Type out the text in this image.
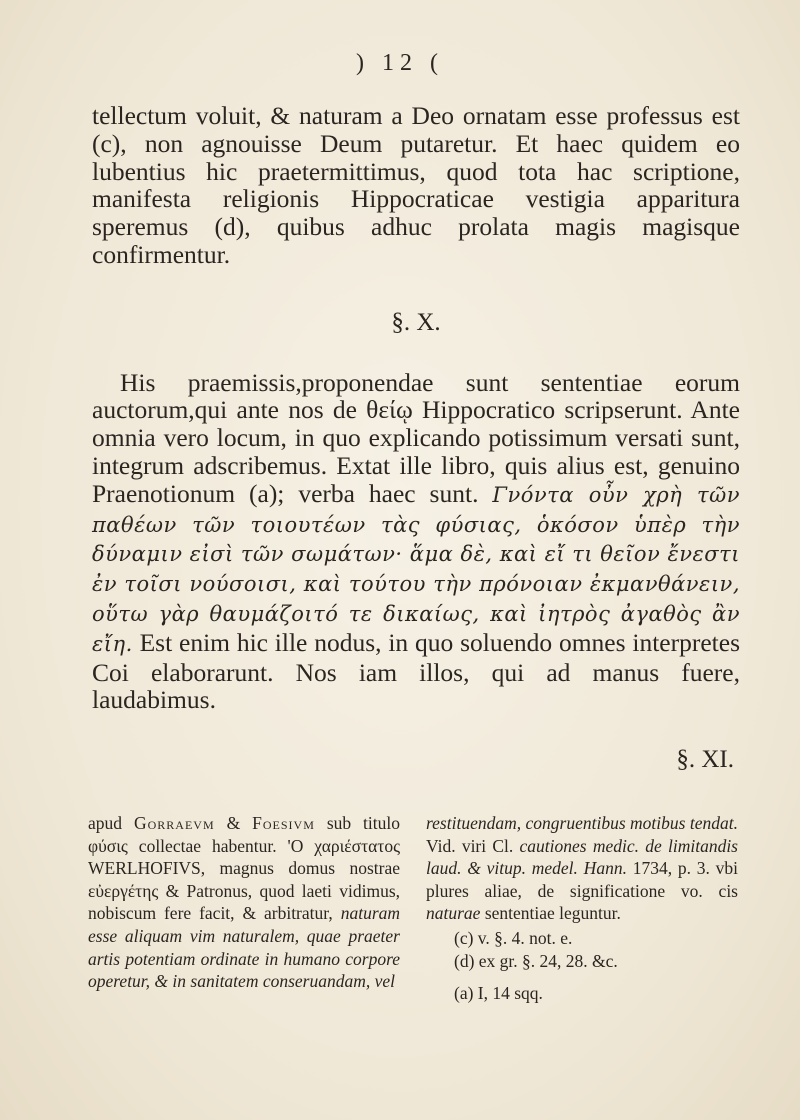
) 12 (

tellectum voluit, & naturam a Deo ornatam esse professus est (c), non agnouisse Deum putaretur. Et haec quidem eo lubentius hic praetermittimus, quod tota hac scriptione, manifesta religionis Hippocraticae vestigia apparitura speremus (d), quibus adhuc prolata magis magisque confirmentur.

§. X.

His praemissis,proponendae sunt sententiae eorum auctorum,qui ante nos de θείῳ Hippocratico scripserunt. Ante omnia vero locum, in quo explicando potissimum versati sunt, integrum adscribemus. Extat ille libro, quis alius est, genuino Praenotionum (a); verba haec sunt. Γνόντα οὖν χρὴ τῶν παθέων τῶν τοιουτέων τὰς φύσιας, ὁκόσον ὑπὲρ τὴν δύναμιν εἰσὶ τῶν σωμάτων· ἅμα δὲ, καὶ εἴ τι θεῖον ἔνεστι ἐν τοῖσι νούσοισι, καὶ τούτου τὴν πρόνοιαν ἐκμανθάνειν, οὕτω γὰρ θαυμάζοιτό τε δικαίως, καὶ ἰητρὸς ἀγαθὸς ἂν εἴη. Est enim hic ille nodus, in quo soluendo omnes interpretes Coi elaborarunt. Nos iam illos, qui ad manus fuere, laudabimus.

§. XI.

apud Gorraevm & Foesivm sub titulo φύσις collectae habentur. 'Ο χαριέστατος WERLHOFIVS, magnus domus nostrae εὐεργέτης & Patronus, quod laeti vidimus, nobiscum fere facit, & arbitratur, naturam esse aliquam vim naturalem, quae praeter artis potentiam ordinate in humano corpore operetur, & in sanitatem conseruandam, vel

restituendam, congruentibus motibus tendat. Vid. viri Cl. cautiones medic. de limitandis laud. & vitup. medel. Hann. 1734, p. 3. vbi plures aliae, de significatione vo. cis naturae sententiae leguntur.

(c) v. §. 4. not. e.
(d) ex gr. §. 24, 28. &c.
(a) I, 14 sqq.
